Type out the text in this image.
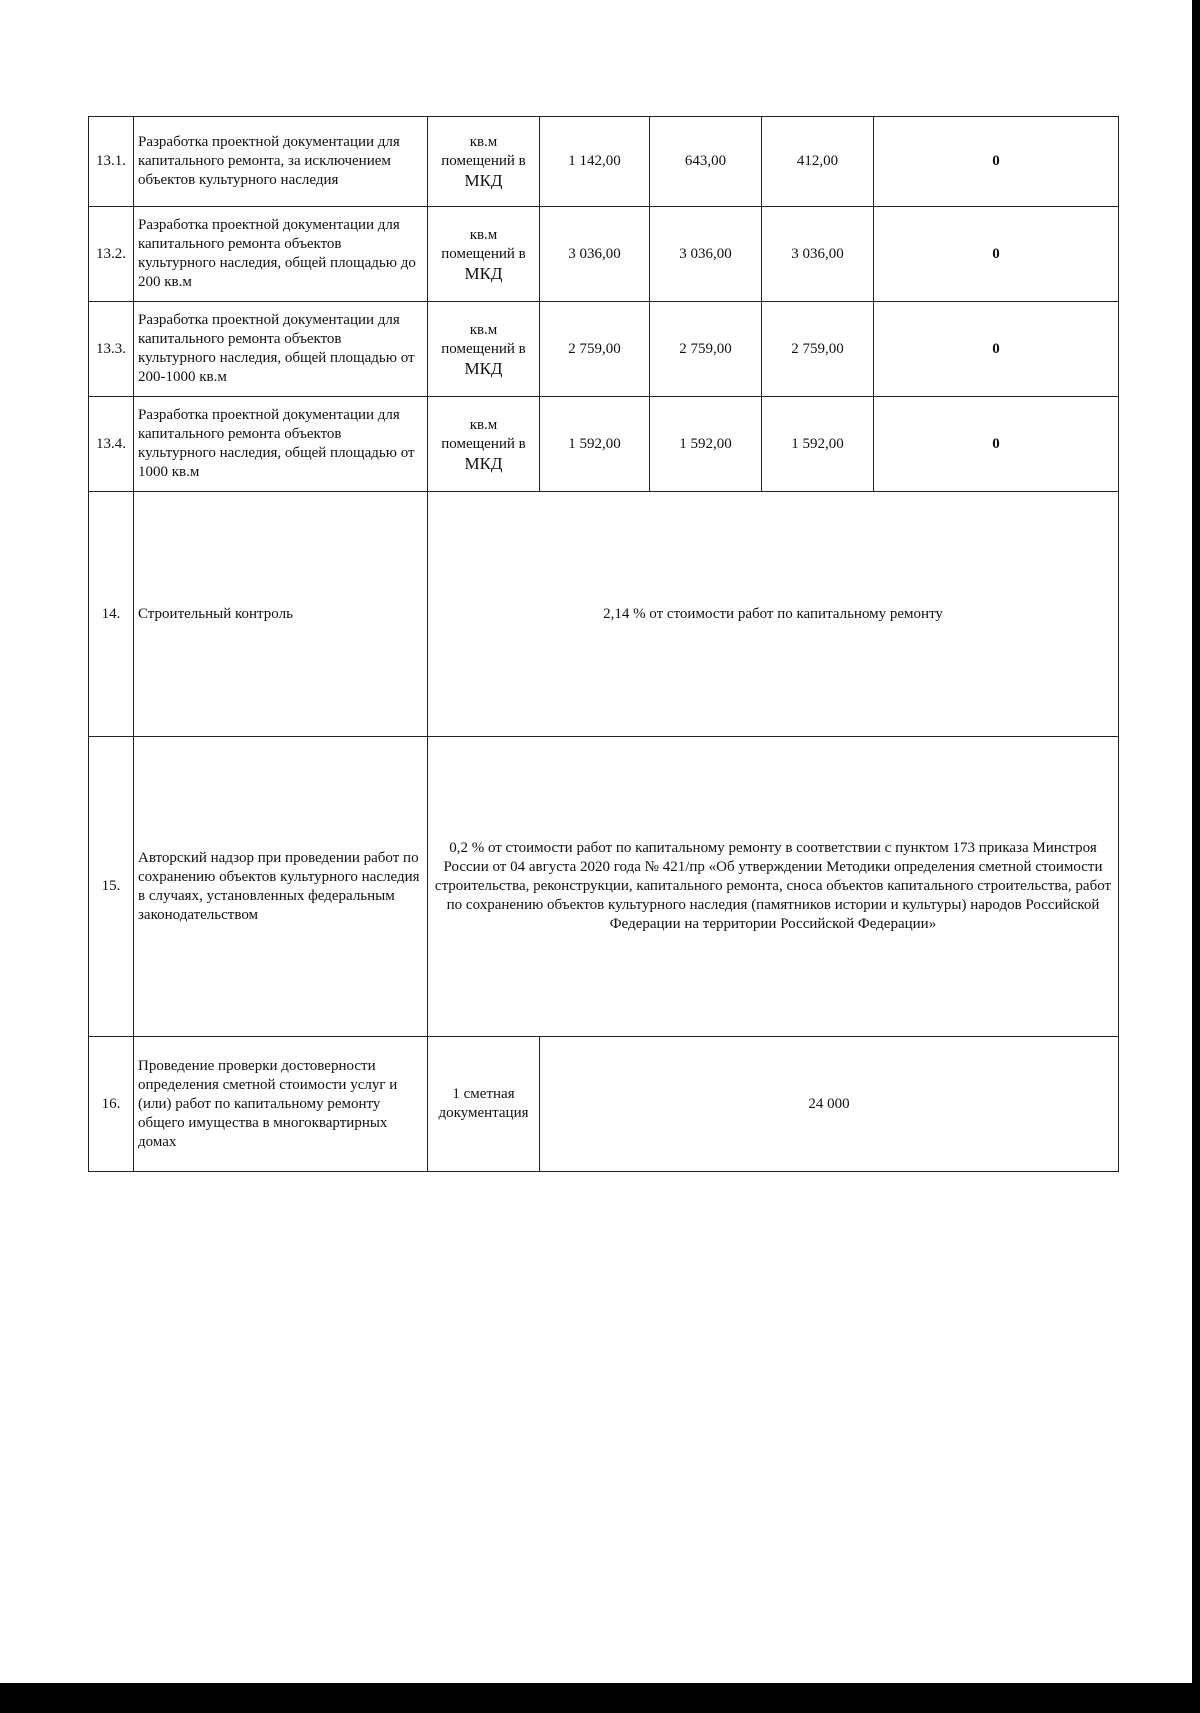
13.1.	Разработка проектной документации для капитального ремонта, за исключением объектов культурного наследия	кв.м
помещений в
МКД	1 142,00	643,00	412,00	0
13.2.	Разработка проектной документации для капитального ремонта объектов культурного наследия, общей площадью до 200 кв.м	кв.м
помещений в
МКД	3 036,00	3 036,00	3 036,00	0
13.3.	Разработка проектной документации для капитального ремонта объектов культурного наследия, общей площадью от 200-1000 кв.м	кв.м
помещений в
МКД	2 759,00	2 759,00	2 759,00	0
13.4.	Разработка проектной документации для капитального ремонта объектов культурного наследия, общей площадью от 1000 кв.м	кв.м
помещений в
МКД	1 592,00	1 592,00	1 592,00	0
14.	Строительный контроль	2,14 % от стоимости работ по капитальному ремонту				
15.	Авторский надзор при проведении работ по сохранению объектов культурного наследия в случаях, установленных федеральным законодательством	0,2 % от стоимости работ по капитальному ремонту в соответствии с пунктом 173 приказа Минстроя России от 04 августа 2020 года № 421/пр «Об утверждении Методики определения сметной стоимости строительства, реконструкции, капитального ремонта, сноса объектов капитального строительства, работ по сохранению объектов культурного наследия (памятников истории и культуры) народов Российской Федерации на территории Российской Федерации»				
16.	Проведение проверки достоверности определения сметной стоимости услуг и (или) работ по капитальному ремонту общего имущества в многоквартирных домах	1 сметная документация	24 000			
